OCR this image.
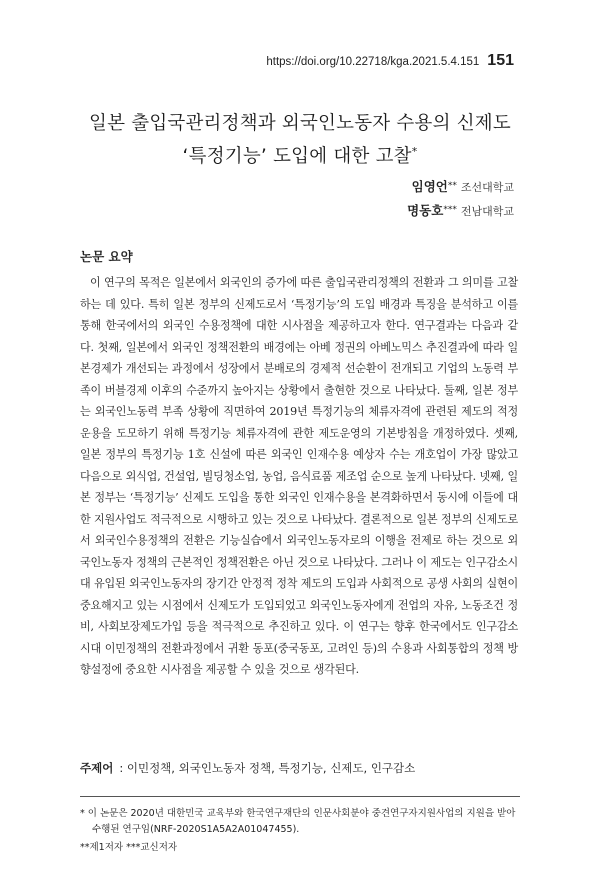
https://doi.org/10.22718/kga.2021.5.4.151 151
일본 출입국관리정책과 외국인노동자 수용의 신제도
‘특정기능’ 도입에 대한 고찰*
임영언** 조선대학교
명동호*** 전남대학교
논문 요약

이 연구의 목적은 일본에서 외국인의 증가에 따른 출입국관리정책의 전환과 그 의미를 고찰하는 데 있다. 특히 일본 정부의 신제도로서 ‘특정기능’의 도입 배경과 특징을 분석하고 이를 통해 한국에서의 외국인 수용정책에 대한 시사점을 제공하고자 한다. 연구결과는 다음과 같다. 첫째, 일본에서 외국인 정책전환의 배경에는 아베 정권의 아베노믹스 추진결과에 따라 일본경제가 개선되는 과정에서 성장에서 분배로의 경제적 선순환이 전개되고 기업의 노동력 부족이 버블경제 이후의 수준까지 높아지는 상황에서 출현한 것으로 나타났다. 둘째, 일본 정부는 외국인노동력 부족 상황에 직면하여 2019년 특정기능의 체류자격에 관련된 제도의 적정운용을 도모하기 위해 특정기능 체류자격에 관한 제도운영의 기본방침을 개정하였다. 셋째, 일본 정부의 특정기능 1호 신설에 따른 외국인 인재수용 예상자 수는 개호업이 가장 많았고 다음으로 외식업, 건설업, 빌딩청소업, 농업, 음식료품 제조업 순으로 높게 나타났다. 넷째, 일본 정부는 ‘특정기능’ 신제도 도입을 통한 외국인 인재수용을 본격화하면서 동시에 이들에 대한 지원사업도 적극적으로 시행하고 있는 것으로 나타났다. 결론적으로 일본 정부의 신제도로서 외국인수용정책의 전환은 기능실습에서 외국인노동자로의 이행을 전제로 하는 것으로 외국인노동자 정책의 근본적인 정책전환은 아닌 것으로 나타났다. 그러나 이 제도는 인구감소시대 유입된 외국인노동자의 장기간 안정적 정착 제도의 도입과 사회적으로 공생 사회의 실현이 중요해지고 있는 시점에서 신제도가 도입되었고 외국인노동자에게 전업의 자유, 노동조건 정비, 사회보장제도가입 등을 적극적으로 추진하고 있다. 이 연구는 향후 한국에서도 인구감소시대 이민정책의 전환과정에서 귀환 동포(중국동포, 고려인 등)의 수용과 사회통합의 정책 방향설정에 중요한 시사점을 제공할 수 있을 것으로 생각된다.

주제어 : 이민정책, 외국인노동자 정책, 특정기능, 신제도, 인구감소

* 이 논문은 2020년 대한민국 교육부와 한국연구재단의 인문사회분야 중견연구자지원사업의 지원을 받아 수행된 연구임(NRF-2020S1A5A2A01047455).

**제1저자 ***교신저자
